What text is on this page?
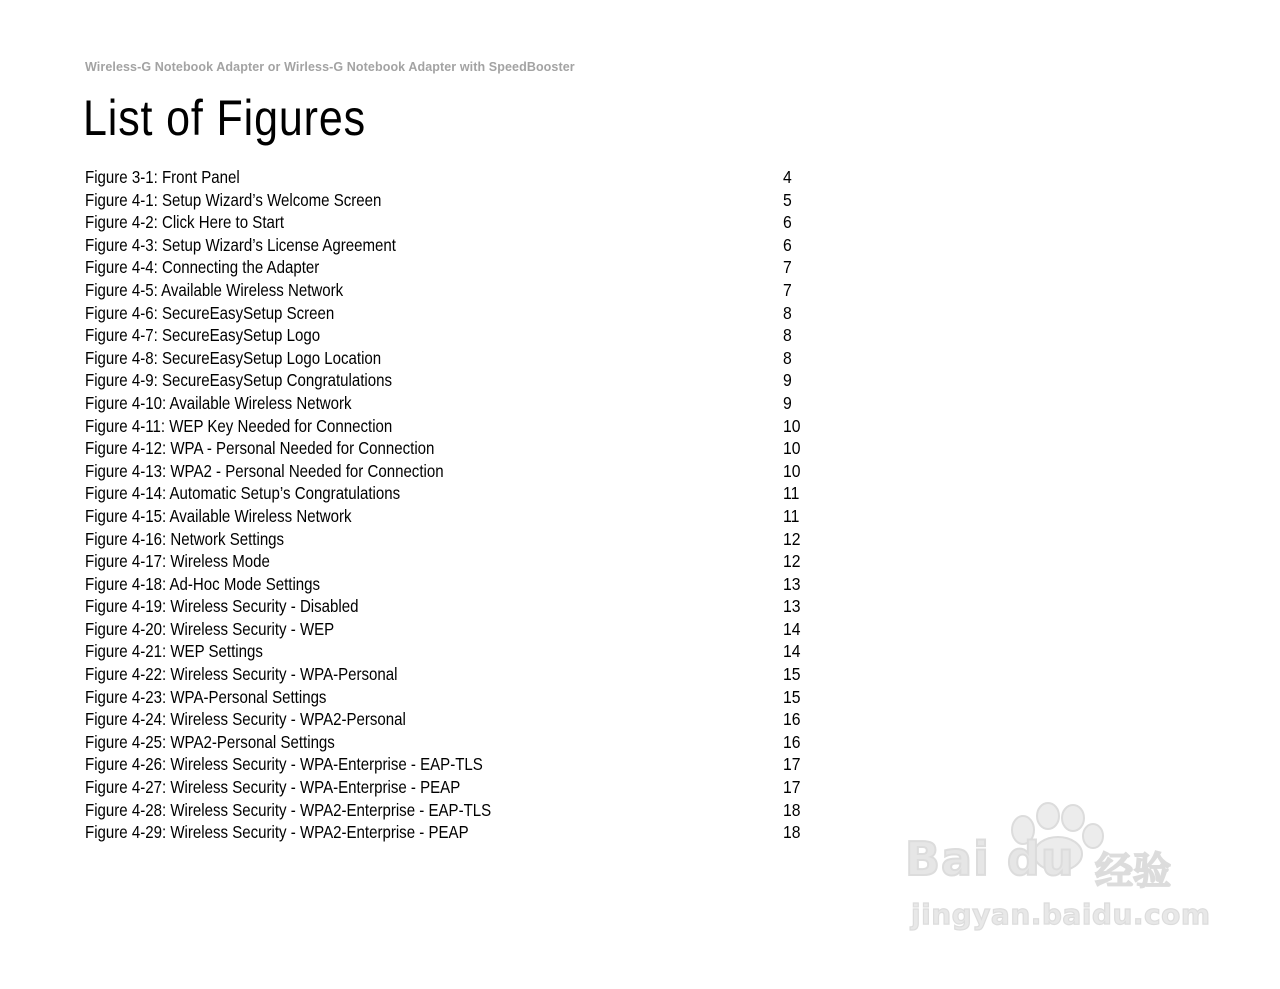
Wireless-G Notebook Adapter or Wirless-G Notebook Adapter with SpeedBooster
List of Figures
Figure 3-1: Front Panel	4
Figure 4-1: Setup Wizard’s Welcome Screen	5
Figure 4-2: Click Here to Start	6
Figure 4-3: Setup Wizard’s License Agreement	6
Figure 4-4: Connecting the Adapter	7
Figure 4-5: Available Wireless Network	7
Figure 4-6: SecureEasySetup Screen	8
Figure 4-7: SecureEasySetup Logo	8
Figure 4-8: SecureEasySetup Logo Location	8
Figure 4-9: SecureEasySetup Congratulations	9
Figure 4-10: Available Wireless Network	9
Figure 4-11: WEP Key Needed for Connection	10
Figure 4-12: WPA - Personal Needed for Connection	10
Figure 4-13: WPA2 - Personal Needed for Connection	10
Figure 4-14: Automatic Setup’s Congratulations	11
Figure 4-15: Available Wireless Network	11
Figure 4-16: Network Settings	12
Figure 4-17: Wireless Mode	12
Figure 4-18: Ad-Hoc Mode Settings	13
Figure 4-19: Wireless Security - Disabled	13
Figure 4-20: Wireless Security - WEP	14
Figure 4-21: WEP Settings	14
Figure 4-22: Wireless Security - WPA-Personal	15
Figure 4-23: WPA-Personal Settings	15
Figure 4-24: Wireless Security - WPA2-Personal	16
Figure 4-25: WPA2-Personal Settings	16
Figure 4-26: Wireless Security - WPA-Enterprise - EAP-TLS	17
Figure 4-27: Wireless Security - WPA-Enterprise - PEAP	17
Figure 4-28: Wireless Security - WPA2-Enterprise - EAP-TLS	18
Figure 4-29: Wireless Security - WPA2-Enterprise - PEAP	18 Bai du 经验
jingyan.baidu.com
